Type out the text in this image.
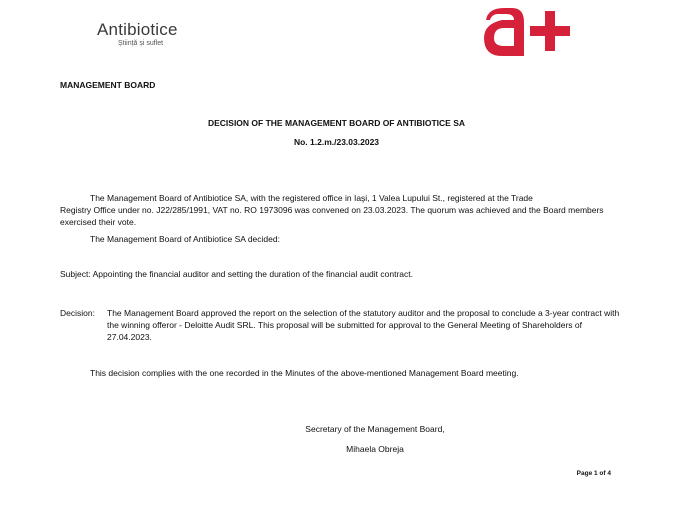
Antibiotice
Știință și suflet
MANAGEMENT BOARD
DECISION OF THE MANAGEMENT BOARD OF ANTIBIOTICE SA
No. 1.2.m./23.03.2023
The Management Board of Antibiotice SA, with the registered office in Iaşi, 1 Valea Lupului St., registered at the Trade
Registry Office under no. J22/285/1991, VAT no. RO 1973096 was convened on 23.03.2023. The quorum was achieved and the Board members exercised their vote.
The Management Board of Antibiotice SA decided:
Subject: Appointing the financial auditor and setting the duration of the financial audit contract.
Decision: The Management Board approved the report on the selection of the statutory auditor and the proposal to conclude a 3-year contract with the winning offeror - Deloitte Audit SRL. This proposal will be submitted for approval to the General Meeting of Shareholders of 27.04.2023.
This decision complies with the one recorded in the Minutes of the above-mentioned Management Board meeting.
Secretary of the Management Board,
Mihaela Obreja
Page 1 of 4
